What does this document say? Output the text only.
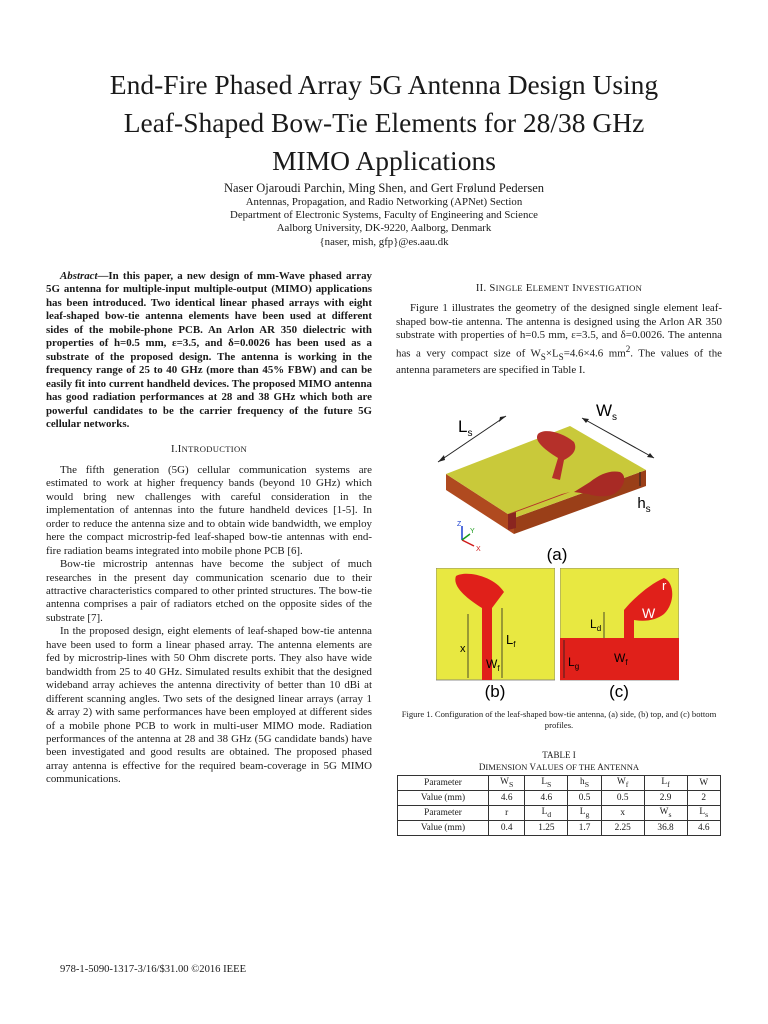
End-Fire Phased Array 5G Antenna Design Using
Leaf-Shaped Bow-Tie Elements for 28/38 GHz
MIMO Applications
Naser Ojaroudi Parchin, Ming Shen, and Gert Frølund Pedersen
Antennas, Propagation, and Radio Networking (APNet) Section
Department of Electronic Systems, Faculty of Engineering and Science
Aalborg University, DK-9220, Aalborg, Denmark
{naser, mish, gfp}@es.aau.dk

Abstract—In this paper, a new design of mm-Wave phased array 5G antenna for multiple-input multiple-output (MIMO) applications has been introduced. Two identical linear phased arrays with eight leaf-shaped bow-tie antenna elements have been used at different sides of the mobile-phone PCB. An Arlon AR 350 dielectric with properties of h=0.5 mm, ε=3.5, and δ=0.0026 has been used as a substrate of the proposed design. The antenna is working in the frequency range of 25 to 40 GHz (more than 45% FBW) and can be easily fit into current handheld devices. The proposed MIMO antenna has good radiation performances at 28 and 38 GHz which both are powerful candidates to be the carrier frequency of the future 5G cellular networks.

I.INTRODUCTION

The fifth generation (5G) cellular communication systems are estimated to work at higher frequency bands (beyond 10 GHz) which would bring new challenges with careful consideration in the implementation of antennas into the future handheld devices [1-5]. In order to reduce the antenna size and to obtain wide bandwidth, we employ here the compact microstrip-fed leaf-shaped bow-tie antennas with end-fire radiation beams integrated into mobile phone PCB [6].

Bow-tie microstrip antennas have become the subject of much researches in the present day communication scenario due to their attractive characteristics compared to other printed structures. The bow-tie antenna comprises a pair of radiators etched on the opposite sides of the substrate [7].

In the proposed design, eight elements of leaf-shaped bow-tie antenna have been used to form a linear phased array. The antenna elements are fed by microstrip-lines with 50 Ohm discrete ports. They also have wide bandwidth from 25 to 40 GHz. Simulated results exhibit that the designed wideband array achieves the antenna directivity of better than 10 dBi at different scanning angles. Two sets of the designed linear arrays (array 1 & array 2) with same performances have been employed at different sides of a mobile phone PCB to work in multi-user MIMO mode. Radiation performances of the antenna at 28 and 38 GHz (5G candidate bands) have been investigated and good results are obtained. The proposed phased array antenna is effective for the required beam-coverage in 5G MIMO communications.

II. SINGLE ELEMENT INVESTIGATION

Figure 1 illustrates the geometry of the designed single element leaf-shaped bow-tie antenna. The antenna is designed using the Arlon AR 350 substrate with properties of h=0.5 mm, ε=3.5, and δ=0.0026. The antenna has a very compact size of $W_S\times L_S=4.6\times 4.6$ $mm^2$. The values of the antenna parameters are specified in Table I.

$L_s$
$W_s$
$h_s$
Z
Y
X	(a)
x
$L_f$
$W_f$
(b)
$L_d$
$L_g$
W
r
$W_f$
(c)
Figure 1. Configuration of the leaf-shaped bow-tie antenna, (a) side, (b) top, and (c) bottom profiles.
TABLE I
DIMENSION VALUES OF THE ANTENNA
Parameter	$W_S$	$L_S$	$h_S$	$W_f$	$L_f$	W
Value (mm)	4.6	4.6	0.5	0.5	2.9	2
Parameter	r	$L_d$	$L_g$	x	$W_s$	$L_s$
Value (mm)	0.4	1.25	1.7	2.25	36.8	4.6
978-1-5090-1317-3/16/$31.00 ©2016 IEEE
